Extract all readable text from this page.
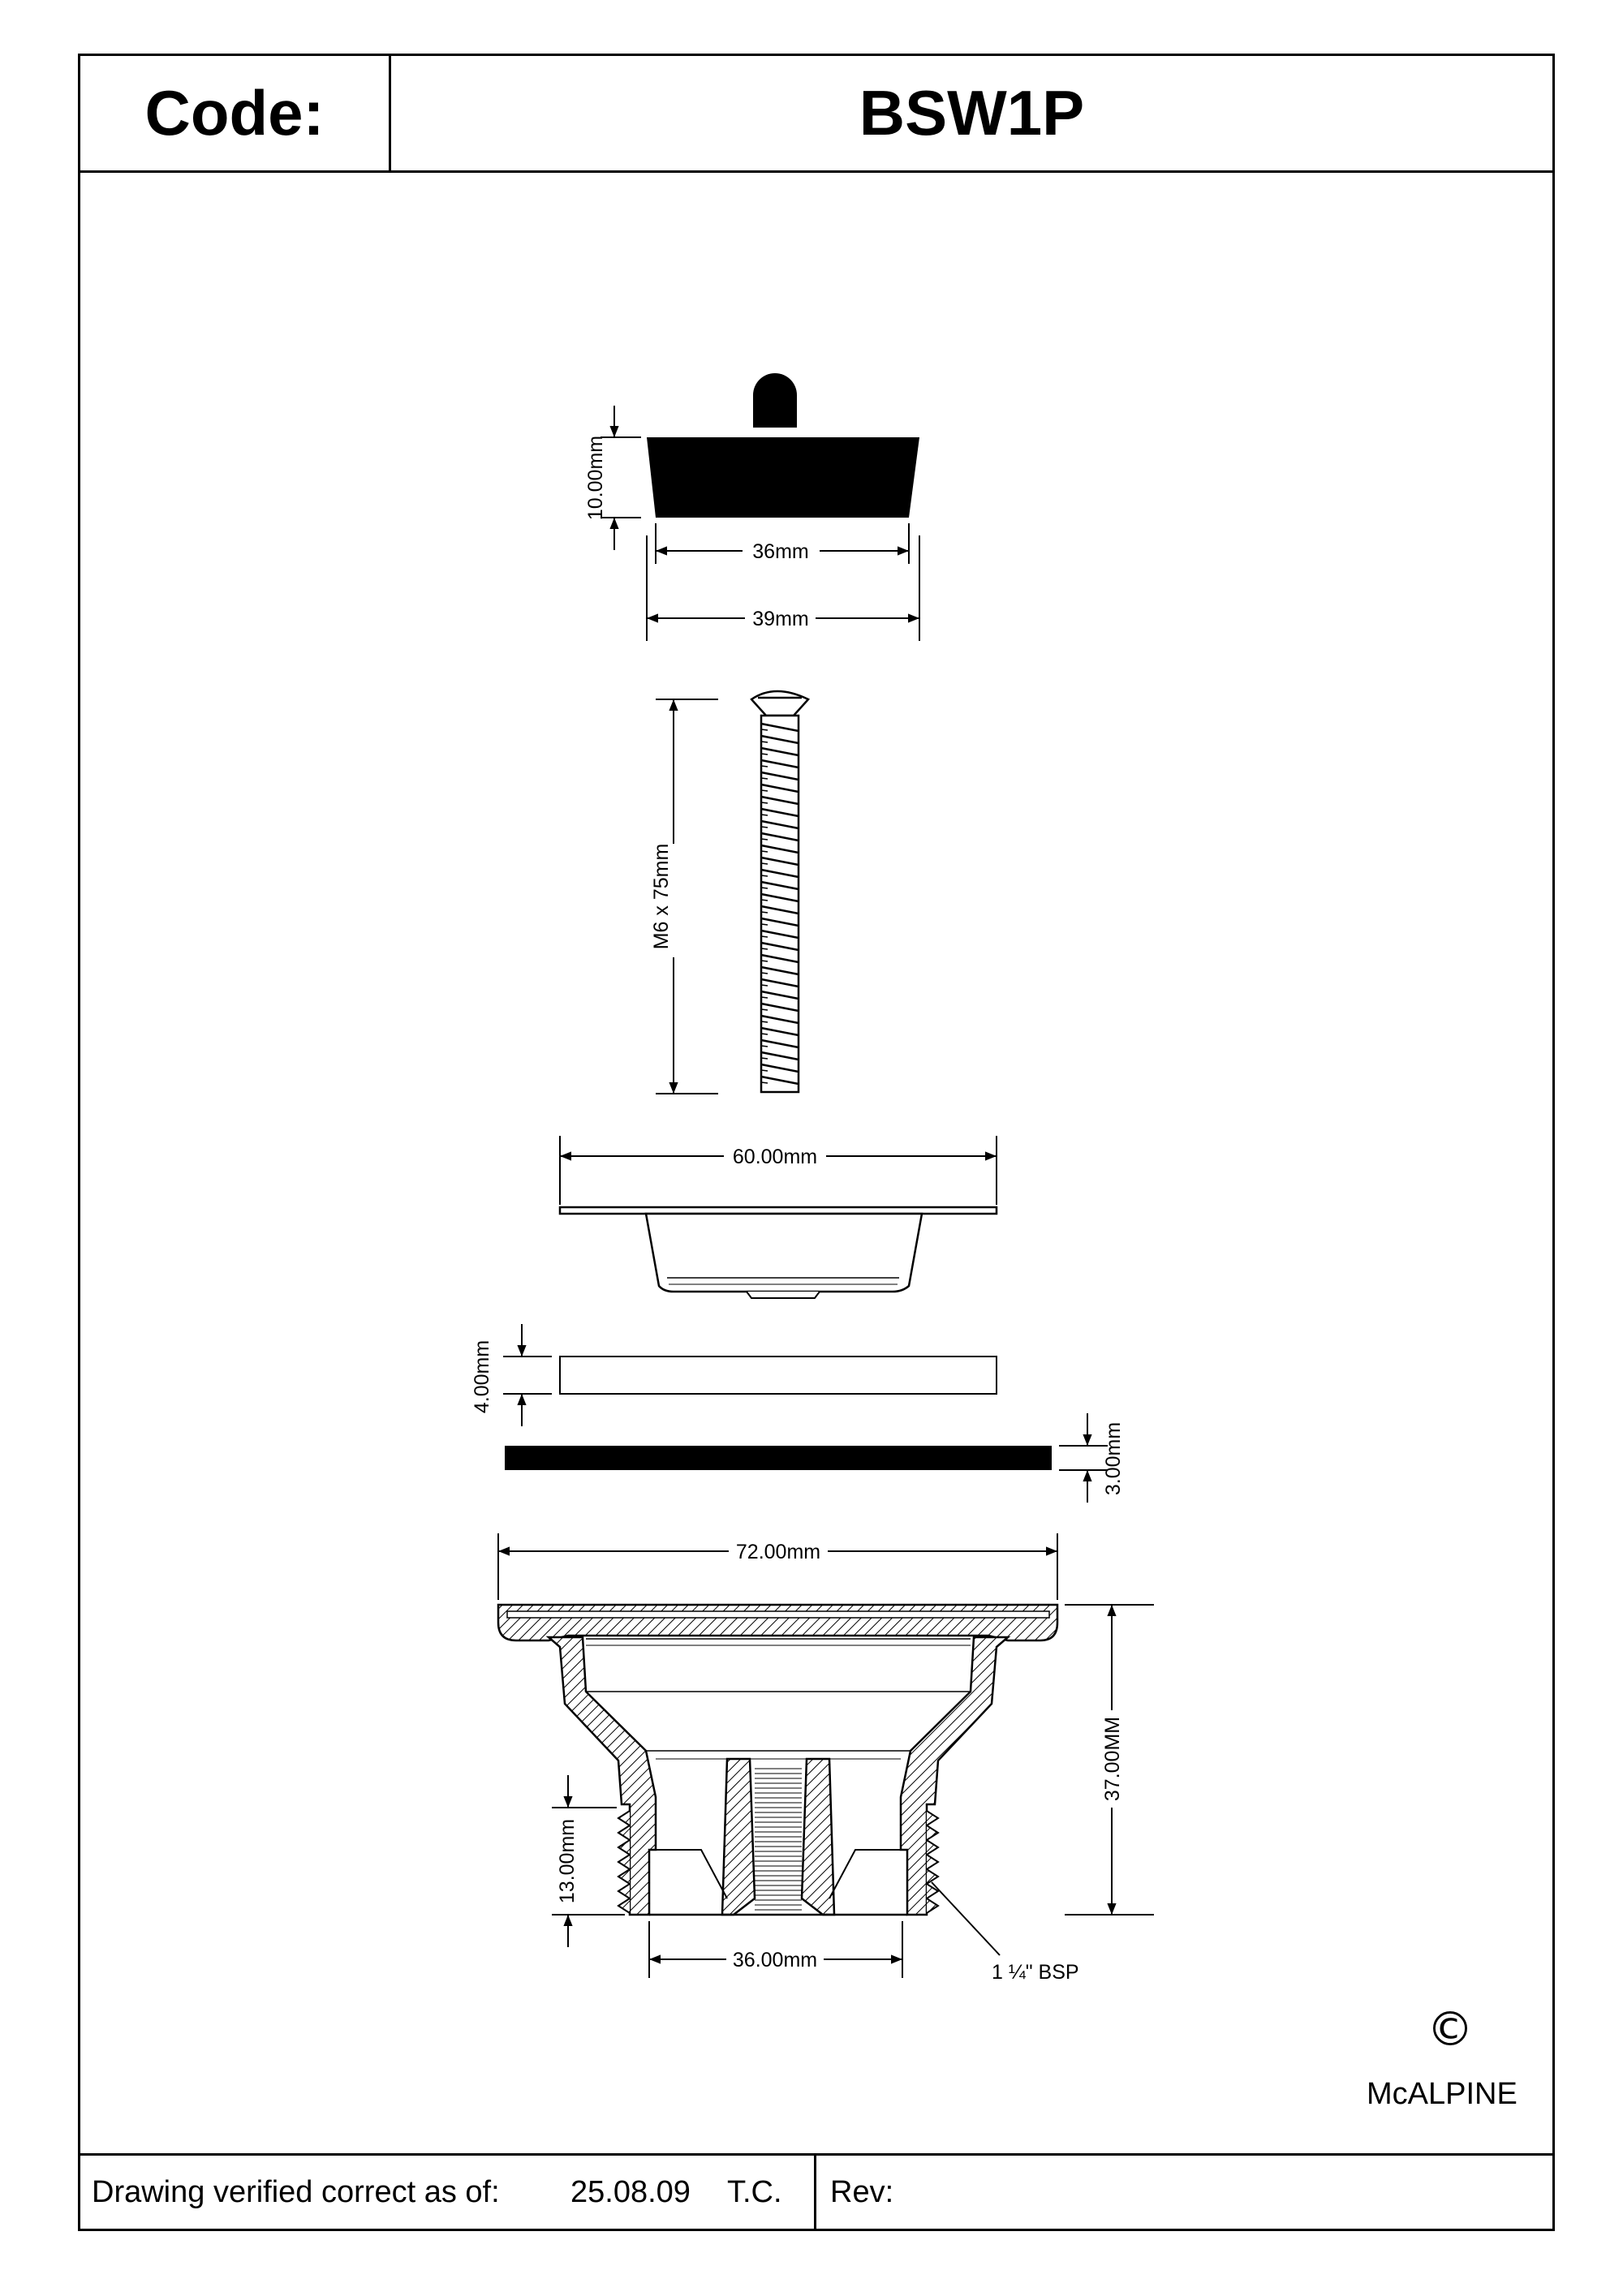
Code:	BSW1P
Drawing verified correct as of: 25.08.09 T.C. Rev:
10.00mm
36mm
39mm
M6 x 75mm
60.00mm
4.00mm
3.00mm
72.00mm
37.00MM
13.00mm
36.00mm
1 ¼" BSP
©
McALPINE
